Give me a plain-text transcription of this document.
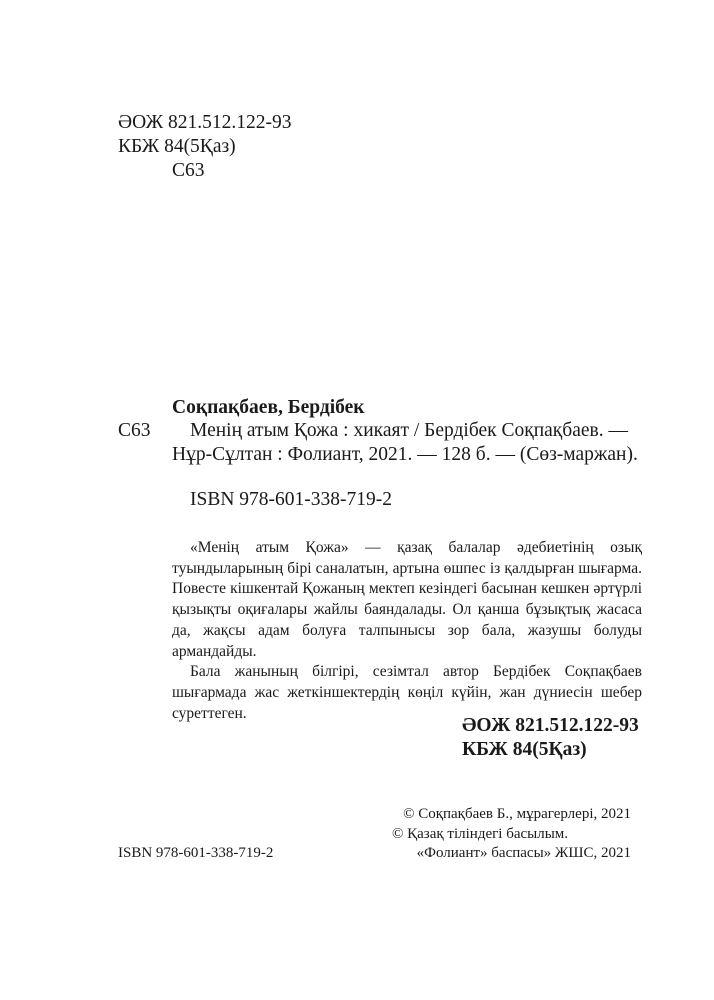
ӘОЖ 821.512.122-93
КБЖ 84(5Қаз)
С63
Соқпақбаев, Бердібек
С63 Менің атым Қожа : хикаят / Бердібек Соқпақбаев. —
Нұр-Сұлтан : Фолиант, 2021. — 128 б. — (Сөз-маржан).
ISBN 978-601-338-719-2

«Менің атым Қожа» — қазақ балалар әдебиетінің озық туындыларының бірі саналатын, артына өшпес із қалдырған шығарма. Повесте кішкентай Қожаның мектеп кезіндегі басынан кешкен әртүрлі қызықты оқиғалары жайлы баяндалады. Ол қанша бұзықтық жасаса да, жақсы адам болуға талпынысы зор бала, жазушы болуды армандайды.

Бала жанының білгірі, сезімтал автор Бердібек Соқпақбаев шығармада жас жеткіншектердің көңіл күйін, жан дүниесін шебер суреттеген.

ӘОЖ 821.512.122-93
КБЖ 84(5Қаз)
© Соқпақбаев Б., мұрагерлері, 2021
© Қазақ тіліндегі басылым.
«Фолиант» баспасы» ЖШС, 2021
ISBN 978-601-338-719-2
